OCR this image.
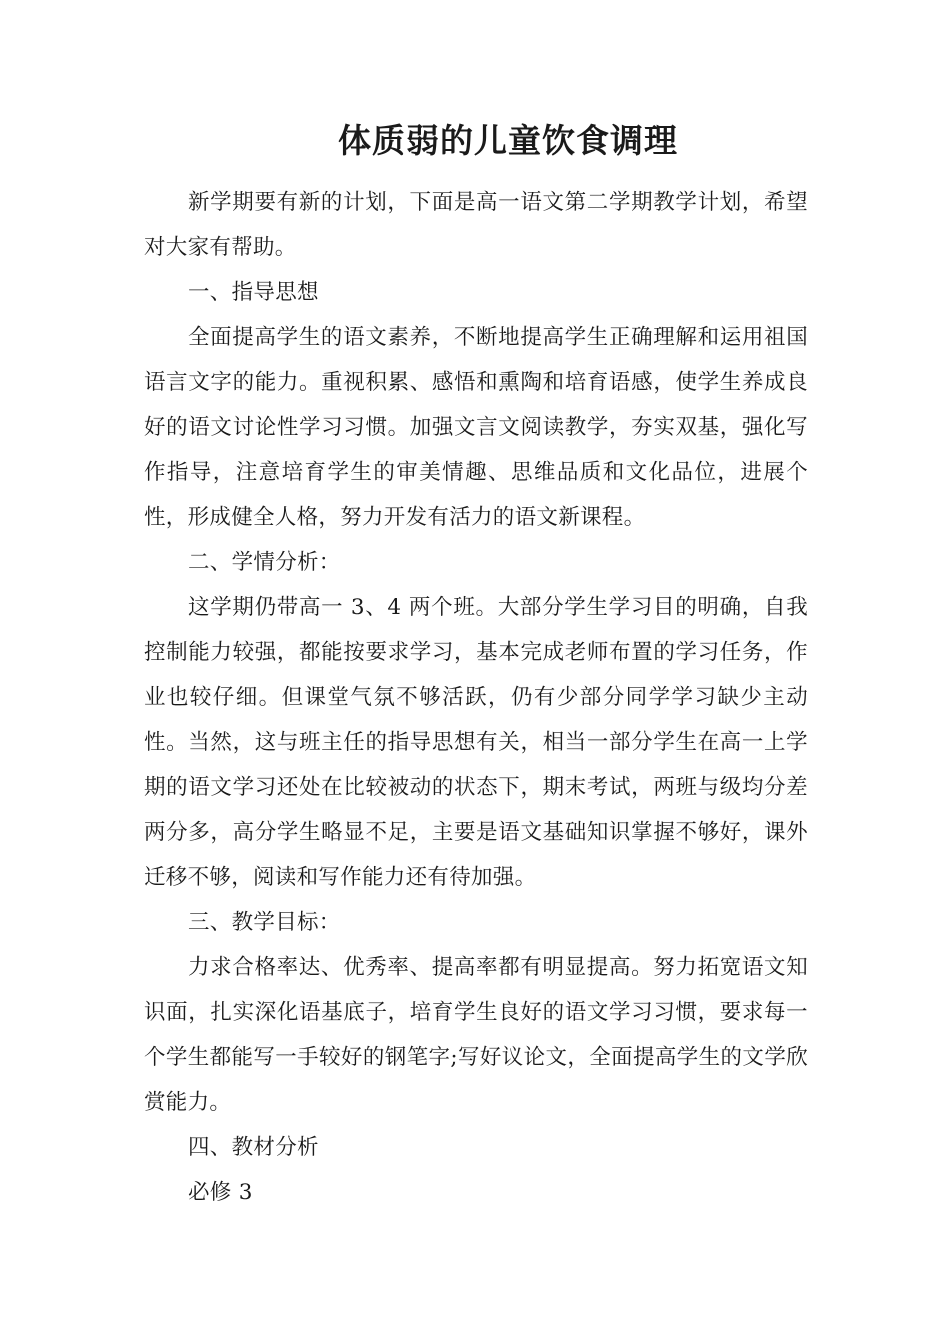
体质弱的儿童饮食调理

新学期要有新的计划，下面是高一语文第二学期教学计划，希望对大家有帮助。

一、指导思想

全面提高学生的语文素养，不断地提高学生正确理解和运用祖国语言文字的能力。重视积累、感悟和熏陶和培育语感，使学生养成良好的语文讨论性学习习惯。加强文言文阅读教学，夯实双基，强化写作指导，注意培育学生的审美情趣、思维品质和文化品位，进展个性，形成健全人格，努力开发有活力的语文新课程。

二、学情分析：

这学期仍带高一 3、4 两个班。大部分学生学习目的明确，自我控制能力较强，都能按要求学习，基本完成老师布置的学习任务，作业也较仔细。但课堂气氛不够活跃，仍有少部分同学学习缺少主动性。当然，这与班主任的指导思想有关，相当一部分学生在高一上学期的语文学习还处在比较被动的状态下，期末考试，两班与级均分差两分多，高分学生略显不足，主要是语文基础知识掌握不够好，课外迁移不够，阅读和写作能力还有待加强。

三、教学目标：

力求合格率达、优秀率、提高率都有明显提高。努力拓宽语文知识面，扎实深化语基底子，培育学生良好的语文学习习惯，要求每一个学生都能写一手较好的钢笔字;写好议论文，全面提高学生的文学欣赏能力。

四、教材分析

必修 3
